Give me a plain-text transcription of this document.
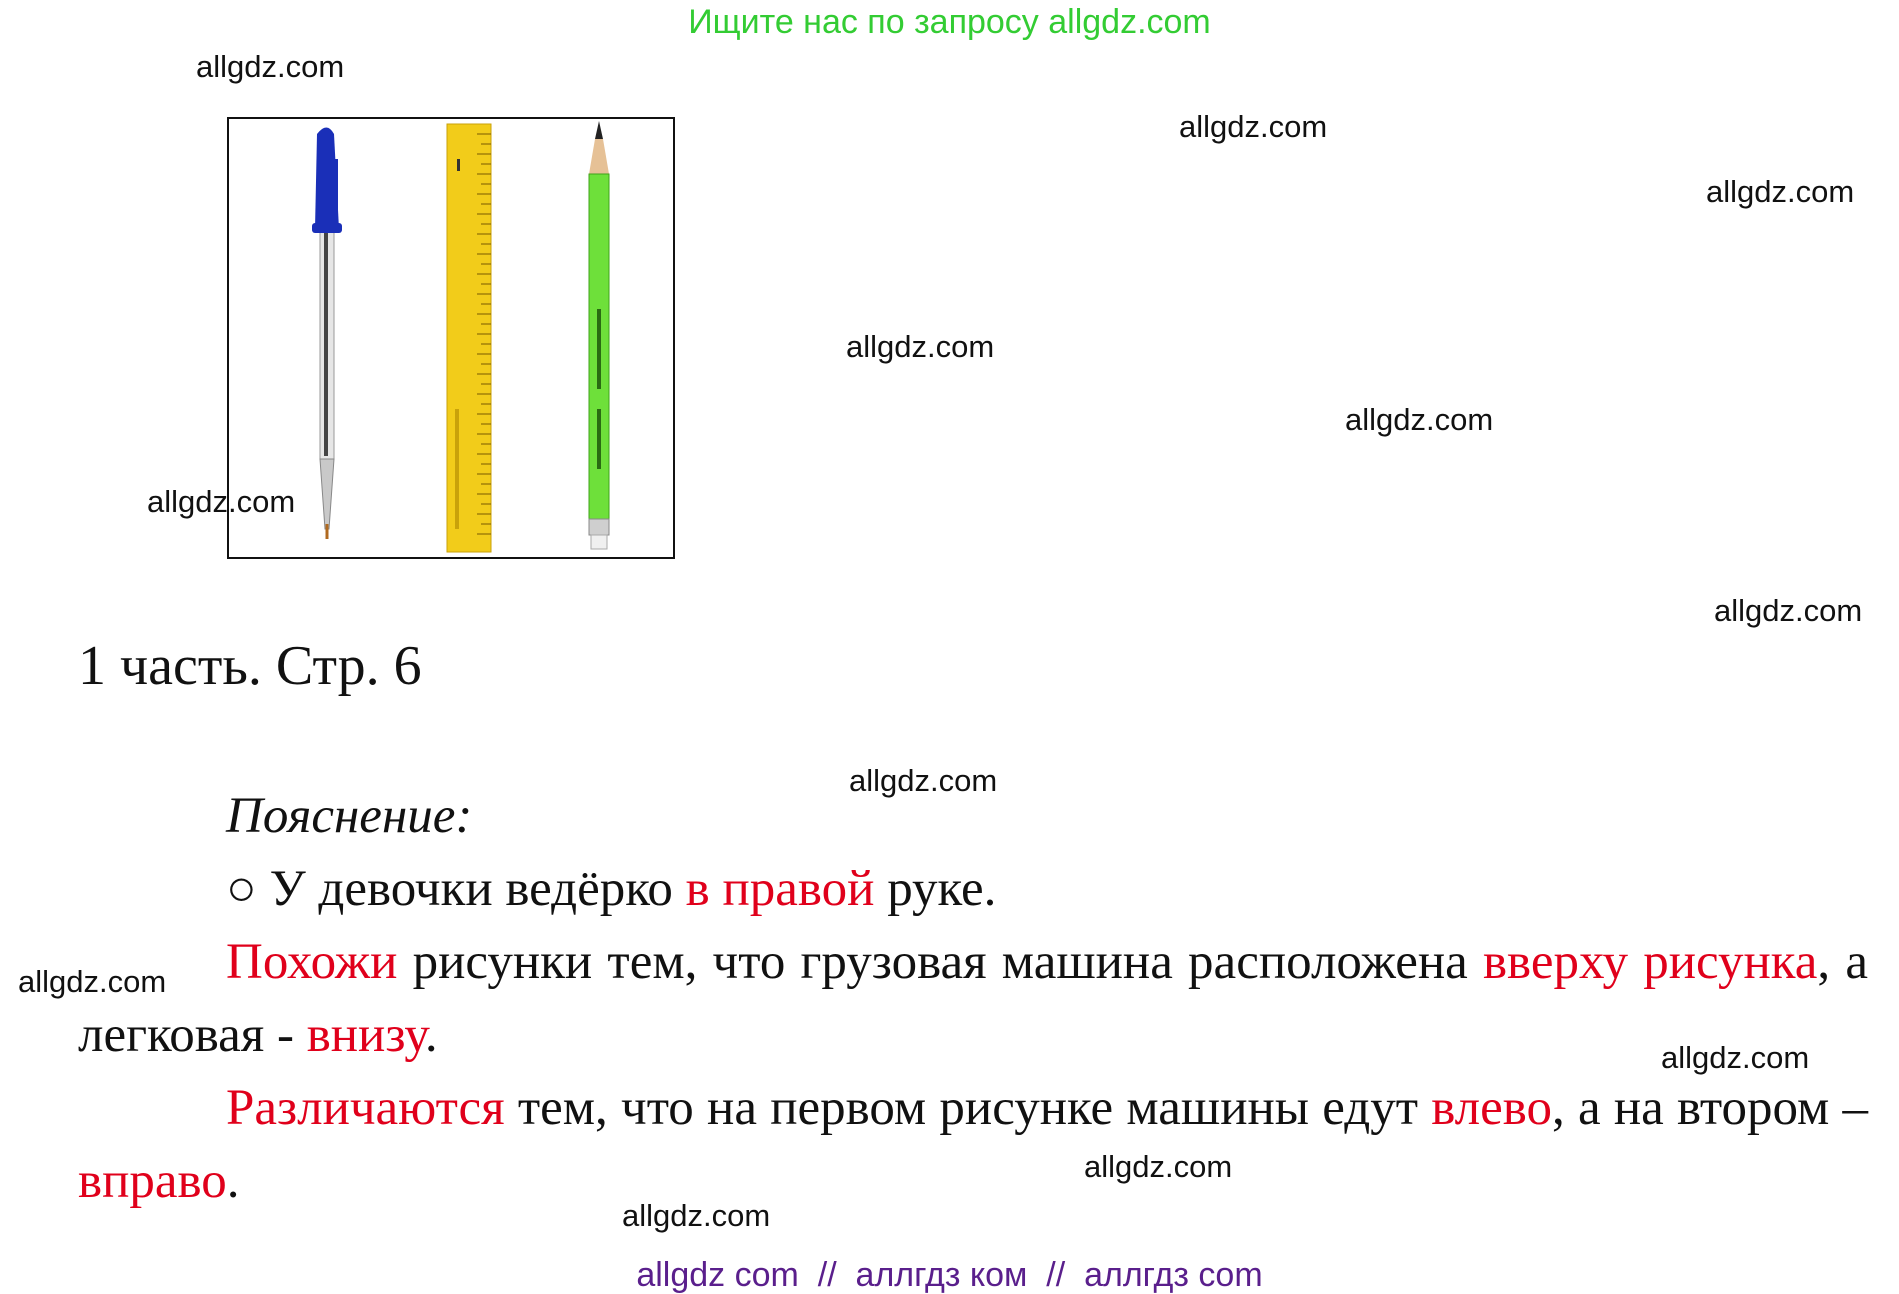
Ищите нас по запросу allgdz.com
1 часть. Стр. 6
Пояснение:
○ У девочки ведёрко в правой руке.
Похожи рисунки тем, что грузовая машина расположена вверху рисунка, а легковая - внизу.
Различаются тем, что на первом рисунке машины едут влево, а на втором – вправо.
allgdz.com
allgdz.com
allgdz.com
allgdz.com
allgdz.com
allgdz.com
allgdz.com
allgdz.com
allgdz.com
allgdz.com
allgdz.com
allgdz.com
allgdz com  //  аллгдз ком  //  аллгдз com
